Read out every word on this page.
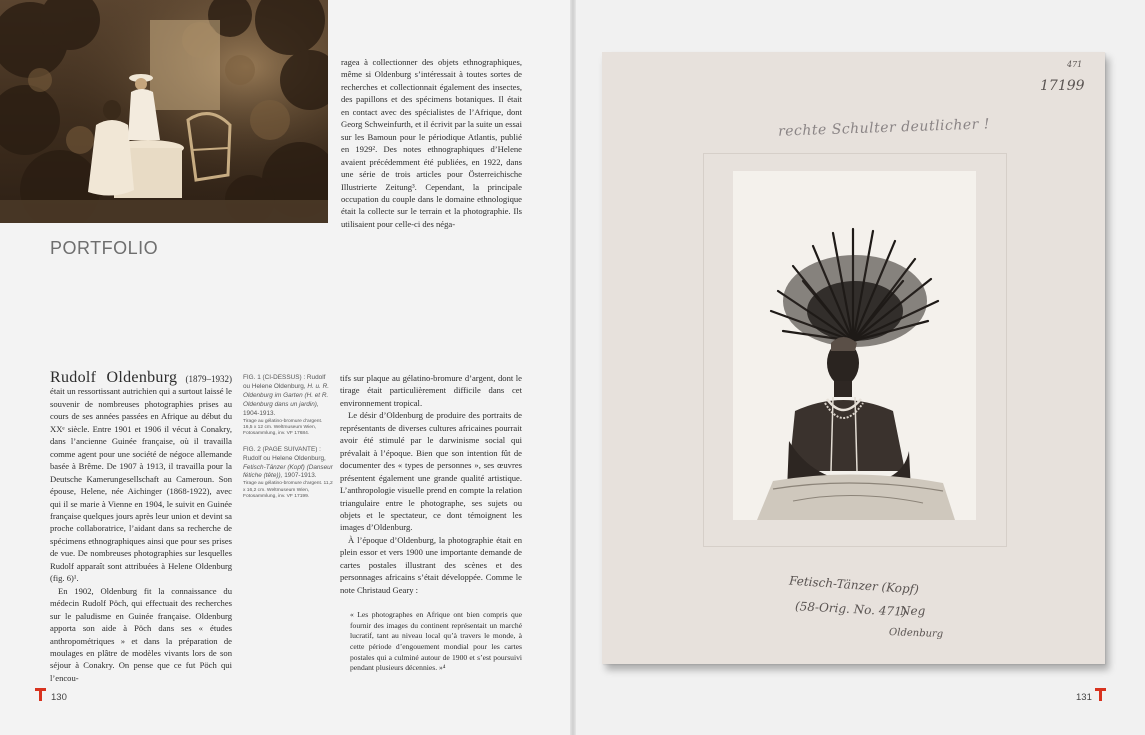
ragea à collectionner des objets ethnographiques, même si Oldenburg s’intéressait à toutes sortes de recherches et collectionnait également des insectes, des papillons et des spécimens botaniques. Il était en contact avec des spécialistes de l’Afrique, dont Georg Schweinfurth, et il écrivit par la suite un essai sur les Bamoun pour le périodique Atlantis, publié en 1929². Des notes ethnographiques d’Helene avaient précédemment été publiées, en 1922, dans une série de trois articles pour Österreichische Illustrierte Zeitung³. Cependant, la principale occupation du couple dans le domaine ethnologique était la collecte sur le terrain et la photographie. Ils utilisaient pour celle-ci des néga-

PORTFOLIO

Rudolf Oldenburg (1879–1932) était un ressortissant autrichien qui a surtout laissé le souvenir de nombreuses photographies prises au cours de ses années passées en Afrique au début du XXᵉ siècle. Entre 1901 et 1906 il vécut à Conakry, dans l’ancienne Guinée française, où il travailla comme agent pour une société de négoce allemande basée à Brême. De 1907 à 1913, il travailla pour la Deutsche Kamerungesellschaft au Cameroun. Son épouse, Helene, née Aichinger (1868-1922), avec qui il se marie à Vienne en 1904, le suivit en Guinée française quelques jours après leur union et devint sa proche collaboratrice, l’aidant dans sa recherche de spécimens ethnographiques ainsi que pour ses prises de vue. De nombreuses photographies sur lesquelles Rudolf apparaît sont attribuées à Helene Oldenburg (fig. 6)¹.

En 1902, Oldenburg fit la connaissance du médecin Rudolf Pöch, qui effectuait des recherches sur le paludisme en Guinée française. Oldenburg apporta son aide à Pöch dans ses « études anthropométriques » et dans la préparation de moulages en plâtre de modèles vivants lors de son séjour à Conakry. On pense que ce fut Pöch qui l’encou-

FIG. 1 (CI-DESSUS) : Rudolf ou Helene Oldenburg, H. u. R. Oldenburg im Garten (H. et R. Oldenburg dans un jardin), 1904-1913.
Tirage au gélatino-bromure d’argent. 16,5 x 12 cm. Weltmuseum Wien, Fotosammlung, inv. VF 17684.
FIG. 2 (PAGE SUIVANTE) : Rudolf ou Helene Oldenburg, Fetisch-Tänzer (Kopf) (Danseur fétiche (tête)), 1907-1913.
Tirage au gélatino-bromure d’argent. 11,2 x 16,2 cm. Weltmuseum Wien, Fotosammlung, inv. VF 17199.

tifs sur plaque au gélatino-bromure d’argent, dont le tirage était particulièrement difficile dans cet environnement tropical.

Le désir d’Oldenburg de produire des portraits de représentants de diverses cultures africaines pourrait avoir été stimulé par le darwinisme social qui prévalait à l’époque. Bien que son intention fût de documenter des « types de personnes », ses œuvres présentent également une grande qualité artistique. L’anthropologie visuelle prend en compte la relation triangulaire entre le photographe, ses sujets ou objets et le spectateur, ce dont témoignent les images d’Oldenburg.

À l’époque d’Oldenburg, la photographie était en plein essor et vers 1900 une importante demande de cartes postales illustrant des scènes et des personnages africains s’était développée. Comme le note Christaud Geary :

« Les photographes en Afrique ont bien compris que fournir des images du continent représentait un marché lucratif, tant au niveau local qu’à travers le monde, à cette période d’engouement mondial pour les cartes postales qui a culminé autour de 1900 et s’est poursuivi pendant plusieurs décennies. »⁴

130	131
471
17199
rechte Schulter deutlicher !
Fetisch-Tänzer (Kopf)
(58-Orig. No. 471)
Neg
Oldenburg
